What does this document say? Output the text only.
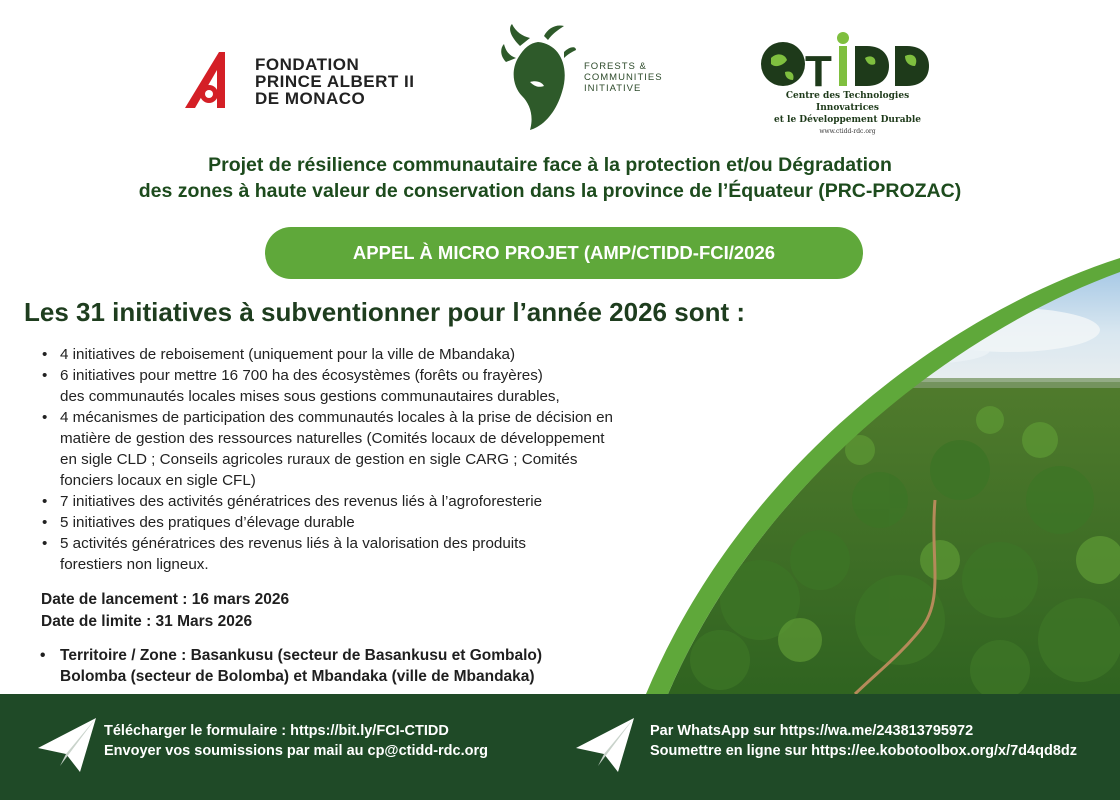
FONDATION
PRINCE ALBERT II
DE MONACO
FORESTS &
COMMUNITIES
INITIATIVE	T
Centre des Technologies Innovatrices
et le Développement Durable
www.ctidd-rdc.org
Projet de résilience communautaire face à la protection et/ou Dégradation
des zones à haute valeur de conservation dans la province de l’Équateur (PRC-PROZAC)
APPEL À MICRO PROJET (AMP/CTIDD-FCI/2026
Les 31 initiatives à subventionner pour l’année 2026 sont :
• 4 initiatives de reboisement (uniquement pour la ville de Mbandaka)
• 6 initiatives pour mettre 16 700 ha des écosystèmes (forêts ou frayères)
des communautés locales mises sous gestions communautaires durables,
• 4 mécanismes de participation des communautés locales à la prise de décision en
matière de gestion des ressources naturelles (Comités locaux de développement
en sigle CLD ; Conseils agricoles ruraux de gestion en sigle CARG ; Comités
fonciers locaux en sigle CFL)
• 7 initiatives des activités génératrices des revenus liés à l’agroforesterie
• 5 initiatives des pratiques d’élevage durable
• 5 activités génératrices des revenus liés à la valorisation des produits
forestiers non ligneux.
Date de lancement : 16 mars 2026
Date de limite : 31 Mars 2026
• Territoire / Zone : Basankusu (secteur de Basankusu et Gombalo)
Bolomba (secteur de Bolomba) et Mbandaka (ville de Mbandaka)
Télécharger le formulaire : https://bit.ly/FCI-CTIDD
Envoyer vos soumissions par mail au cp@ctidd-rdc.org
Par WhatsApp sur https://wa.me/243813795972
Soumettre en ligne sur https://ee.kobotoolbox.org/x/7d4qd8dz
